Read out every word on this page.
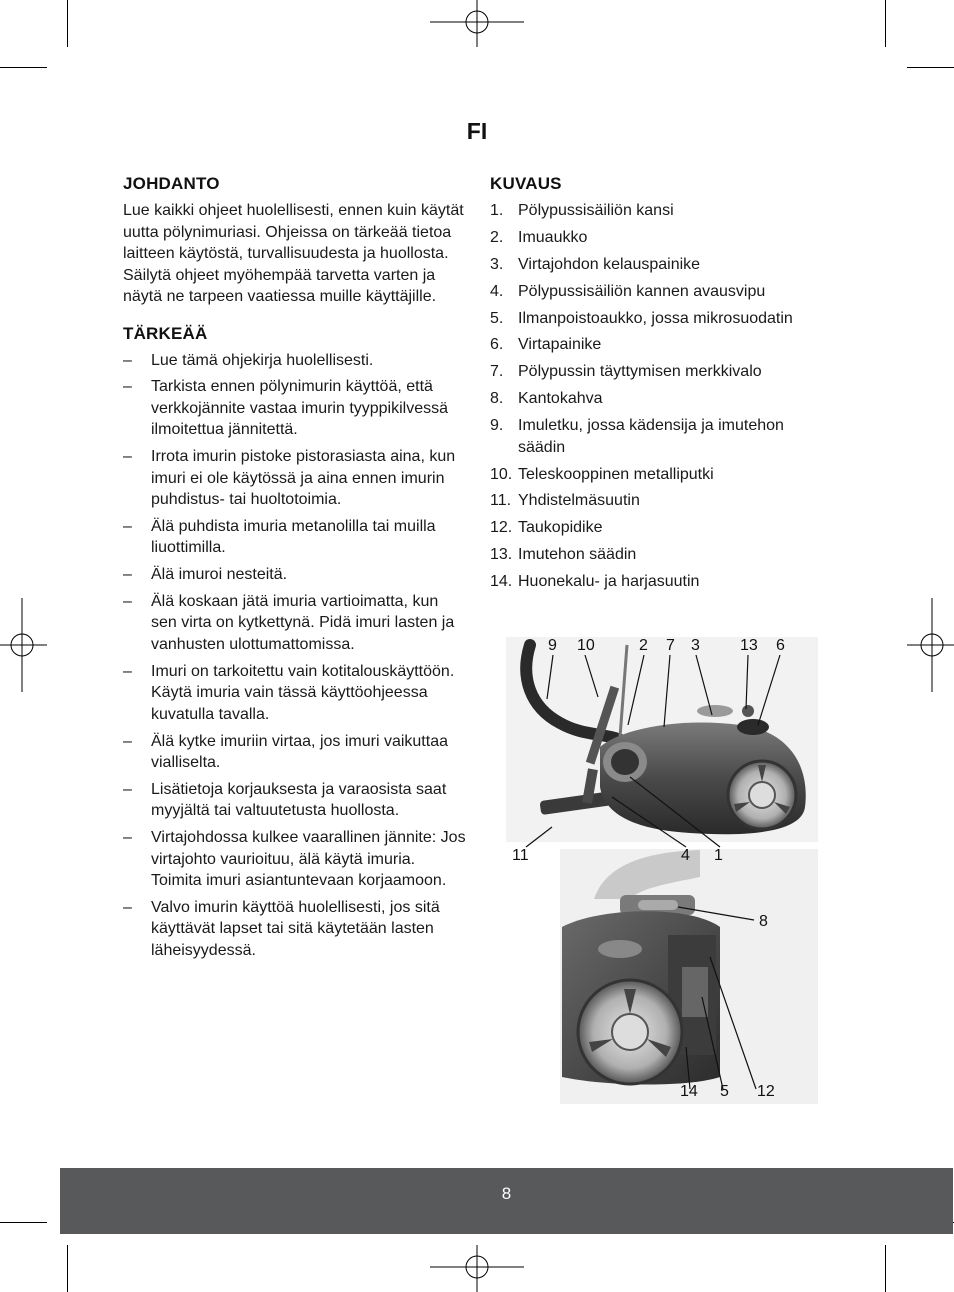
FI
JOHDANTO

Lue kaikki ohjeet huolellisesti, ennen kuin käytät uutta pölynimuriasi. Ohjeissa on tärkeää tietoa laitteen käytöstä, turvallisuudesta ja huollosta. Säilytä ohjeet myöhempää tarvetta varten ja näytä ne tarpeen vaatiessa muille käyttäjille.

TÄRKEÄÄ
– Lue tämä ohjekirja huolellisesti.
– Tarkista ennen pölynimurin käyttöä, että verkkojännite vastaa imurin tyyppikilvessä ilmoitettua jännitettä.
– Irrota imurin pistoke pistorasiasta aina, kun imuri ei ole käytössä ja aina ennen imurin puhdistus- tai huoltotoimia.
– Älä puhdista imuria metanolilla tai muilla liuottimilla.
– Älä imuroi nesteitä.
– Älä koskaan jätä imuria vartioimatta, kun sen virta on kytkettynä. Pidä imuri lasten ja vanhusten ulottumattomissa.
– Imuri on tarkoitettu vain kotitalouskäyttöön. Käytä imuria vain tässä käyttöohjeessa kuvatulla tavalla.
– Älä kytke imuriin virtaa, jos imuri vaikuttaa vialliselta.
– Lisätietoja korjauksesta ja varaosista saat myyjältä tai valtuutetusta huollosta.
– Virtajohdossa kulkee vaarallinen jännite: Jos virtajohto vaurioituu, älä käytä imuria. Toimita imuri asiantuntevaan korjaamoon.
– Valvo imurin käyttöä huolellisesti, jos sitä käyttävät lapset tai sitä käytetään lasten läheisyydessä.
KUVAUS
1. Pölypussisäiliön kansi
2. Imuaukko
3. Virtajohdon kelauspainike
4. Pölypussisäiliön kannen avausvipu
5. Ilmanpoistoaukko, jossa mikrosuodatin
6. Virtapainike
7. Pölypussin täyttymisen merkkivalo
8. Kantokahva
9. Imuletku, jossa kädensija ja imutehon säädin
10. Teleskooppinen metalliputki
11. Yhdistelmäsuutin
12. Taukopidike
13. Imutehon säädin
14. Huonekalu- ja harjasuutin
9 10	2 7 3	13 6
11	4 1
8
14 5 12
8
